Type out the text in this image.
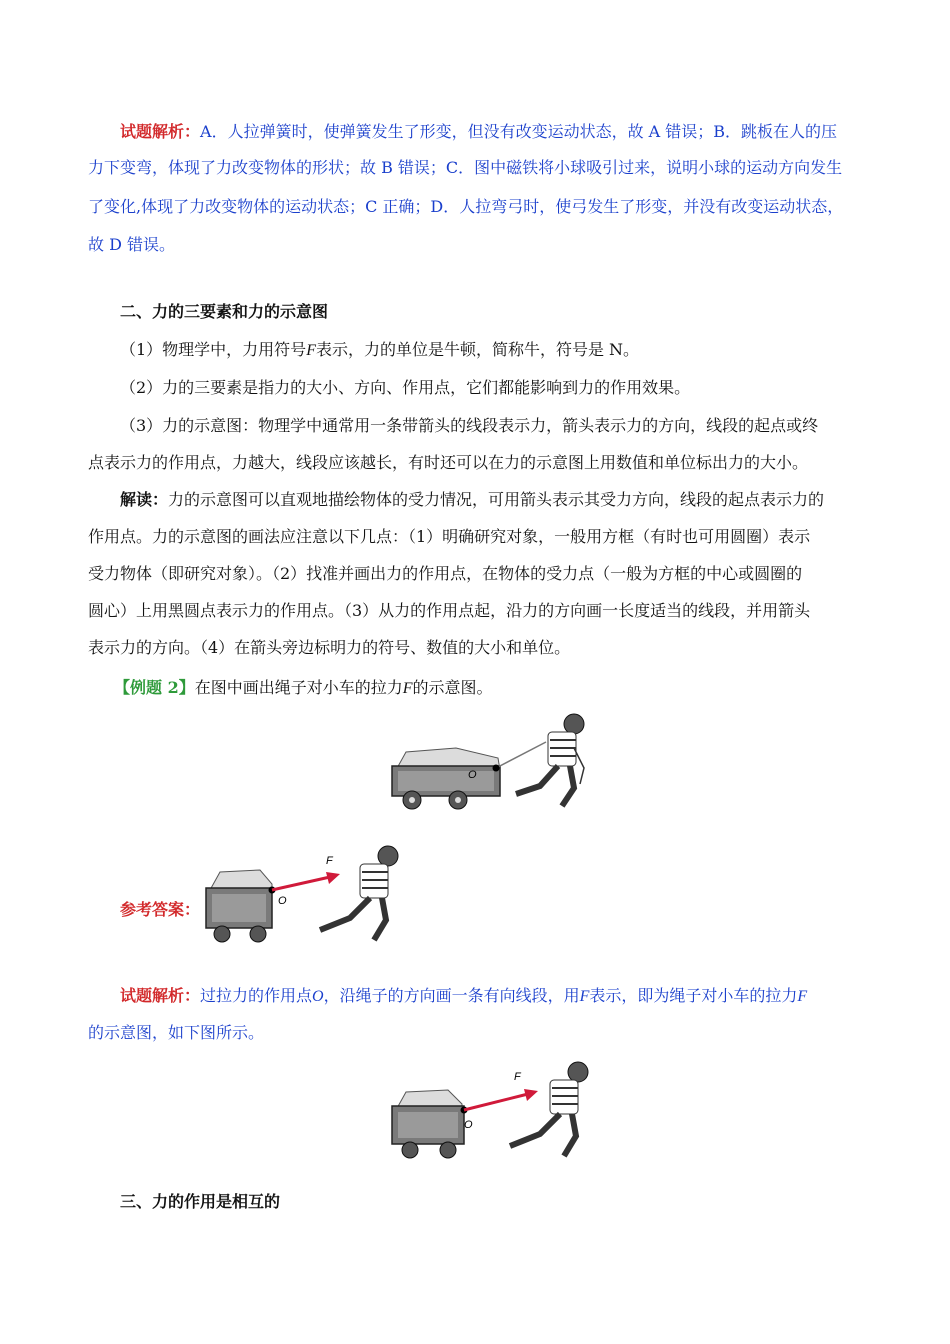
试题解析：A．人拉弹簧时，使弹簧发生了形变，但没有改变运动状态，故 A 错误；B．跳板在人的压
力下变弯，体现了力改变物体的形状；故 B 错误；C．图中磁铁将小球吸引过来，说明小球的运动方向发生
了变化,体现了力改变物体的运动状态；C 正确；D．人拉弯弓时，使弓发生了形变，并没有改变运动状态，
故 D 错误。
二、力的三要素和力的示意图
（1）物理学中，力用符号F表示，力的单位是牛顿，简称牛，符号是 N。
（2）力的三要素是指力的大小、方向、作用点，它们都能影响到力的作用效果。
（3）力的示意图：物理学中通常用一条带箭头的线段表示力，箭头表示力的方向，线段的起点或终
点表示力的作用点，力越大，线段应该越长，有时还可以在力的示意图上用数值和单位标出力的大小。
解读：力的示意图可以直观地描绘物体的受力情况，可用箭头表示其受力方向，线段的起点表示力的
作用点。力的示意图的画法应注意以下几点：（1）明确研究对象，一般用方框（有时也可用圆圈）表示
受力物体（即研究对象）。（2）找准并画出力的作用点，在物体的受力点（一般为方框的中心或圆圈的
圆心）上用黑圆点表示力的作用点。（3）从力的作用点起，沿力的方向画一长度适当的线段，并用箭头
表示力的方向。（4）在箭头旁边标明力的符号、数值的大小和单位。
【例题 2】在图中画出绳子对小车的拉力F的示意图。
O
参考答案：
F
O
试题解析：过拉力的作用点O，沿绳子的方向画一条有向线段，用F表示，即为绳子对小车的拉力F
的示意图，如下图所示。
F
O
三、力的作用是相互的
